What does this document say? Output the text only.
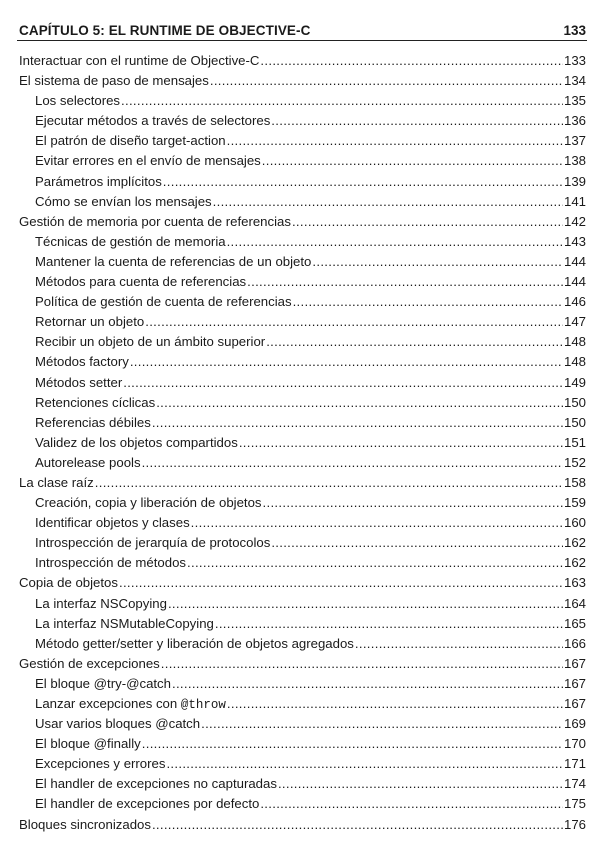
CAPÍTULO 5: EL RUNTIME DE OBJECTIVE-C	133
Interactuar con el runtime de Objective-C .....	133
El sistema de paso de mensajes .....	134
Los selectores .....	135
Ejecutar métodos a través de selectores .....	136
El patrón de diseño target-action .....	137
Evitar errores en el envío de mensajes .....	138
Parámetros implícitos .....	139
Cómo se envían los mensajes .....	141
Gestión de memoria por cuenta de referencias .....	142
Técnicas de gestión de memoria .....	143
Mantener la cuenta de referencias de un objeto .....	144
Métodos para cuenta de referencias .....	144
Política de gestión de cuenta de referencias .....	146
Retornar un objeto .....	147
Recibir un objeto de un ámbito superior .....	148
Métodos factory .....	148
Métodos setter .....	149
Retenciones cíclicas .....	150
Referencias débiles .....	150
Validez de los objetos compartidos .....	151
Autorelease pools .....	152
La clase raíz .....	158
Creación, copia y liberación de objetos .....	159
Identificar objetos y clases .....	160
Introspección de jerarquía de protocolos .....	162
Introspección de métodos .....	162
Copia de objetos .....	163
La interfaz NSCopying .....	164
La interfaz NSMutableCopying .....	165
Método getter/setter y liberación de objetos agregados .....	166
Gestión de excepciones .....	167
El bloque @try-@catch .....	167
Lanzar excepciones con @throw .....	167
Usar varios bloques @catch .....	169
El bloque @finally .....	170
Excepciones y errores .....	171
El handler de excepciones no capturadas .....	174
El handler de excepciones por defecto .....	175
Bloques sincronizados .....	176
